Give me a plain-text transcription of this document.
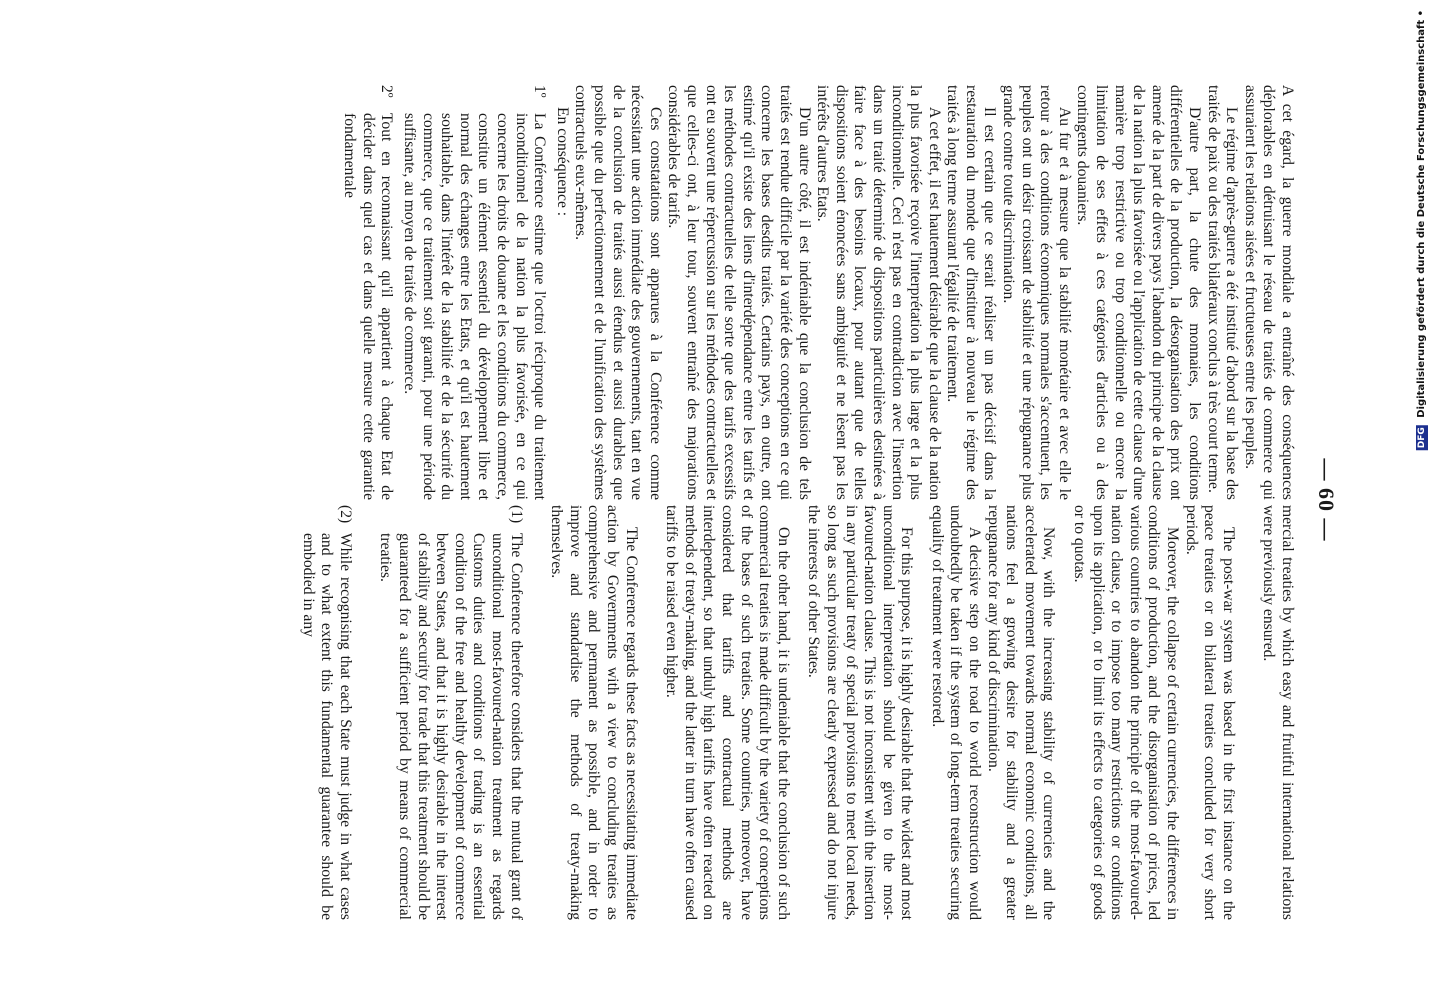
DFG Digitalisierung gefördert durch die Deutsche Forschungsgemeinschaft •
— 60 —

A cet égard, la guerre mondiale a entraîné des conséquences déplorables en détruisant le réseau de traités de commerce qui assuraient les relations aisées et fructueuses entre les peuples.

Le régime d'après-guerre a été institué d'abord sur la base des traités de paix ou des traités bilatéraux conclus à très court terme.

D'autre part, la chute des monnaies, les conditions différentielles de la production, la désorganisation des prix ont amené de la part de divers pays l'abandon du principe de la clause de la nation la plus favorisée ou l'application de cette clause d'une manière trop restrictive ou trop conditionnelle ou encore la limitation de ses effets à ces catégories d'articles ou à des contingents douaniers.

Au fur et à mesure que la stabilité monétaire et avec elle le retour à des conditions économiques normales s'accentuent, les peuples ont un désir croissant de stabilité et une répugnance plus grande contre toute discrimination.

Il est certain que ce serait réaliser un pas décisif dans la restauration du monde que d'instituer à nouveau le régime des traités à long terme assurant l'égalité de traitement.

A cet effet, il est hautement désirable que la clause de la nation la plus favorisée reçoive l'interprétation la plus large et la plus inconditionnelle. Ceci n'est pas en contradiction avec l'insertion dans un traité déterminé de dispositions particulières destinées à faire face à des besoins locaux, pour autant que de telles dispositions soient énoncées sans ambiguité et ne lèsent pas les intérêts d'autres Etats.

D'un autre côté, il est indéniable que la conclusion de tels traités est rendue difficile par la variété des conceptions en ce qui concerne les bases desdits traités. Certains pays, en outre, ont estimé qu'il existe des liens d'interdépendance entre les tarifs et les méthodes contractuelles de telle sorte que des tarifs excessifs ont eu souvent une répercussion sur les méthodes contractuelles et que celles-ci ont, à leur tour, souvent entraîné des majorations considérables de tarifs.

Ces constatations sont apparues à la Conférence comme nécessitant une action immédiate des gouvernements, tant en vue de la conclusion de traités aussi étendus et aussi durables que possible que du perfectionnement et de l'unification des systèmes contractuels eux-mêmes.

En conséquence :

1º
La Conférence estime que l'octroi réciproque du traitement inconditionnel de la nation la plus favorisée, en ce qui concerne les droits de douane et les conditions du commerce, constitue un élément essentiel du développement libre et normal des échanges entre les Etats, et qu'il est hautement souhaitable, dans l'intérêt de la stabilité et de la sécurité du commerce, que ce traitement soit garanti, pour une période suffisante, au moyen de traités de commerce.
2º
Tout en reconnaissant qu'il appartient à chaque Etat de décider dans quel cas et dans quelle mesure cette garantie fondamentale

mercial treaties by which easy and fruitful international relations were previously ensured.

The post-war system was based in the first instance on the peace treaties or on bilateral treaties concluded for very short periods.

Moreover, the collapse of certain currencies, the differences in conditions of production, and the disorganisation of prices, led various countries to abandon the principle of the most-favoured-nation clause, or to impose too many restrictions or conditions upon its application, or to limit its effects to categories of goods or to quotas.

Now, with the increasing stability of currencies and the accelerated movement towards normal economic conditions, all nations feel a growing desire for stability and a greater repugnance for any kind of discrimination.

A decisive step on the road to world reconstruction would undoubtedly be taken if the system of long-term treaties securing equality of treatment were restored.

For this purpose, it is highly desirable that the widest and most unconditional interpretation should be given to the most-favoured-nation clause. This is not inconsistent with the insertion in any particular treaty of special provisions to meet local needs, so long as such provisions are clearly expressed and do not injure the interests of other States.

On the other hand, it is undeniable that the conclusion of such commercial treaties is made difficult by the variety of conceptions of the bases of such treaties. Some countries, moreover, have considered that tariffs and contractual methods are interdependent, so that unduly high tariffs have often reacted on methods of treaty-making, and the latter in turn have often caused tariffs to be raised even higher.

The Conference regards these facts as necessitating immediate action by Governments with a view to concluding treaties as comprehensive and permanent as possible, and in order to improve and standardise the methods of treaty-making themselves.

(1)
The Conference therefore considers that the mutual grant of unconditional most-favoured-nation treatment as regards Customs duties and conditions of trading is an essential condition of the free and healthy development of commerce between States, and that it is highly desirable in the interest of stability and security for trade that this treatment should be guaranteed for a sufficient period by means of commercial treaties.
(2)
While recognising that each State must judge in what cases and to what extent this fundamental guarantee should be embodied in any
